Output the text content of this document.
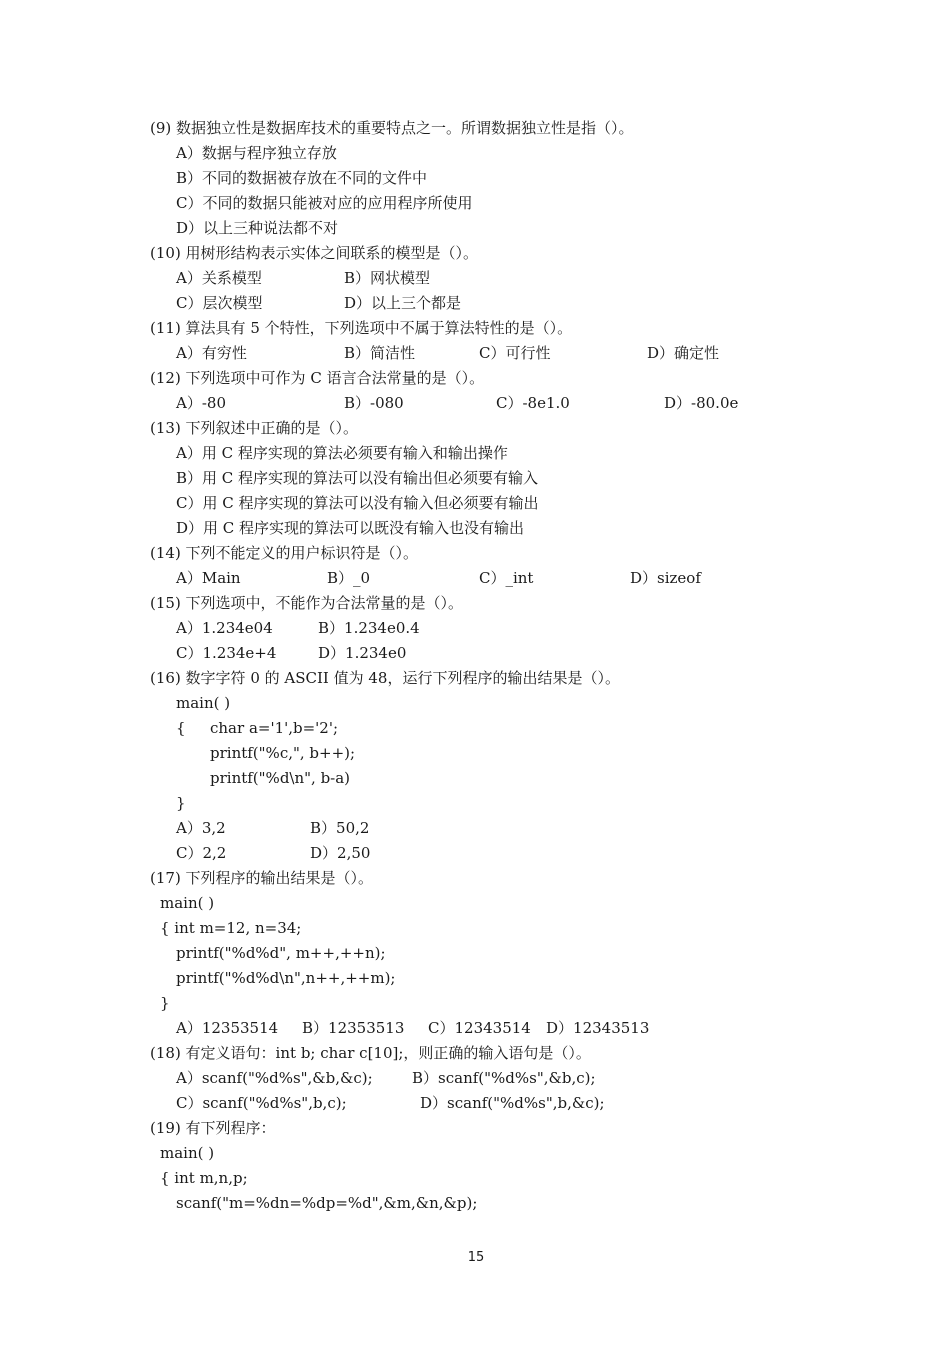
(9) 数据独立性是数据库技术的重要特点之一。所谓数据独立性是指（）。
A）数据与程序独立存放
B）不同的数据被存放在不同的文件中
C）不同的数据只能被对应的应用程序所使用
D）以上三种说法都不对
(10) 用树形结构表示实体之间联系的模型是（）。
A）关系模型	B）网状模型
C）层次模型	D）以上三个都是
(11) 算法具有 5 个特性，下列选项中不属于算法特性的是（）。
A）有穷性	B）简洁性	C）可行性	D）确定性
(12) 下列选项中可作为 C 语言合法常量的是（）。
A）-80	B）-080	C）-8e1.0	D）-80.0e
(13) 下列叙述中正确的是（）。
A）用 C 程序实现的算法必须要有输入和输出操作
B）用 C 程序实现的算法可以没有输出但必须要有输入
C）用 C 程序实现的算法可以没有输入但必须要有输出
D）用 C 程序实现的算法可以既没有输入也没有输出
(14) 下列不能定义的用户标识符是（）。
A）Main	B）_0	C）_int	D）sizeof
(15) 下列选项中，不能作为合法常量的是（）。
A）1.234e04	B）1.234e0.4
C）1.234e+4	D）1.234e0
(16) 数字字符 0 的 ASCII 值为 48，运行下列程序的输出结果是（）。
main( )
{ char a='1',b='2';
printf("%c,", b++);
printf("%d\n", b-a)
}
A）3,2	B）50,2
C）2,2	D）2,50
(17) 下列程序的输出结果是（）。
main( )
{ int m=12, n=34;
printf("%d%d", m++,++n);
printf("%d%d\n",n++,++m);
}
A）12353514 B）12353513 C）12343514 D）12343513
(18) 有定义语句：int b; char c[10];，则正确的输入语句是（）。
A）scanf("%d%s",&b,&c);	B）scanf("%d%s",&b,c);
C）scanf("%d%s",b,c);	D）scanf("%d%s",b,&c);
(19) 有下列程序：
main( )
{ int m,n,p;
scanf("m=%dn=%dp=%d",&m,&n,&p);
15
